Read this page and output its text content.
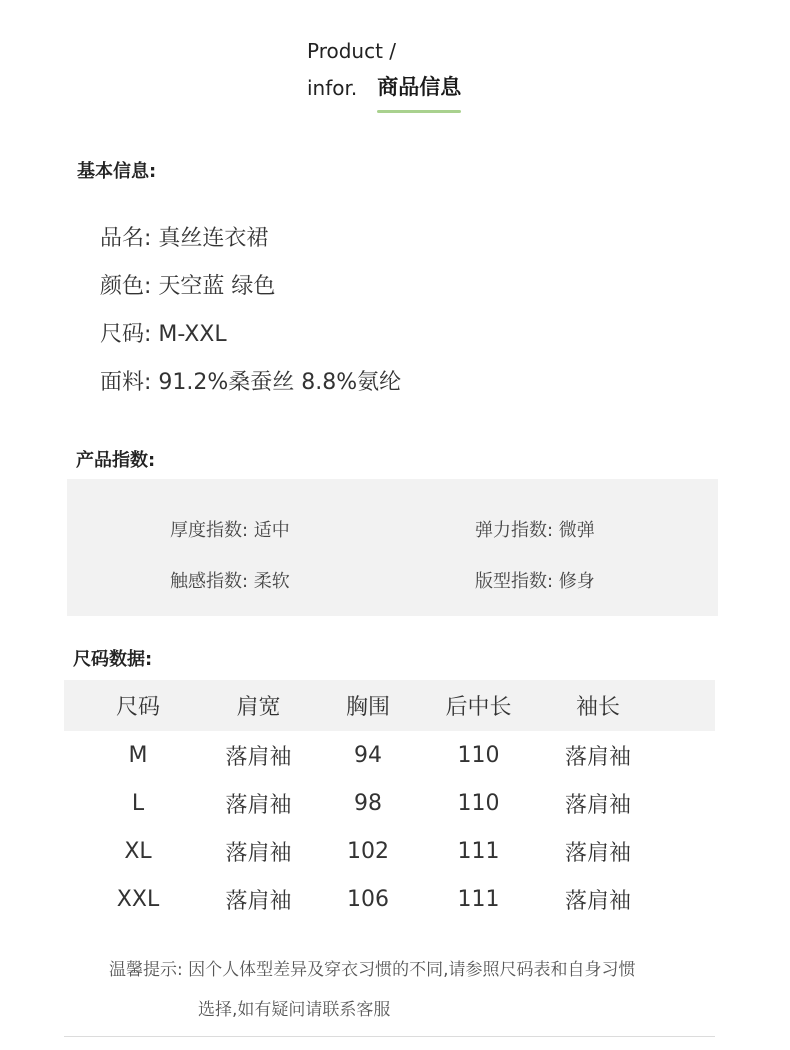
Product /
infor. 商品信息
基本信息:
品名: 真丝连衣裙
颜色: 天空蓝 绿色
尺码: M-XXL
面料: 91.2%桑蚕丝 8.8%氨纶
产品指数:
厚度指数: 适中	弹力指数: 微弹
触感指数: 柔软	版型指数: 修身
尺码数据:
尺码	肩宽	胸围	后中长	袖长
M	落肩袖	94	110	落肩袖
L	落肩袖	98	110	落肩袖
XL	落肩袖	102	111	落肩袖
XXL	落肩袖	106	111	落肩袖
温馨提示: 因个人体型差异及穿衣习惯的不同,请参照尺码表和自身习惯
选择,如有疑问请联系客服
